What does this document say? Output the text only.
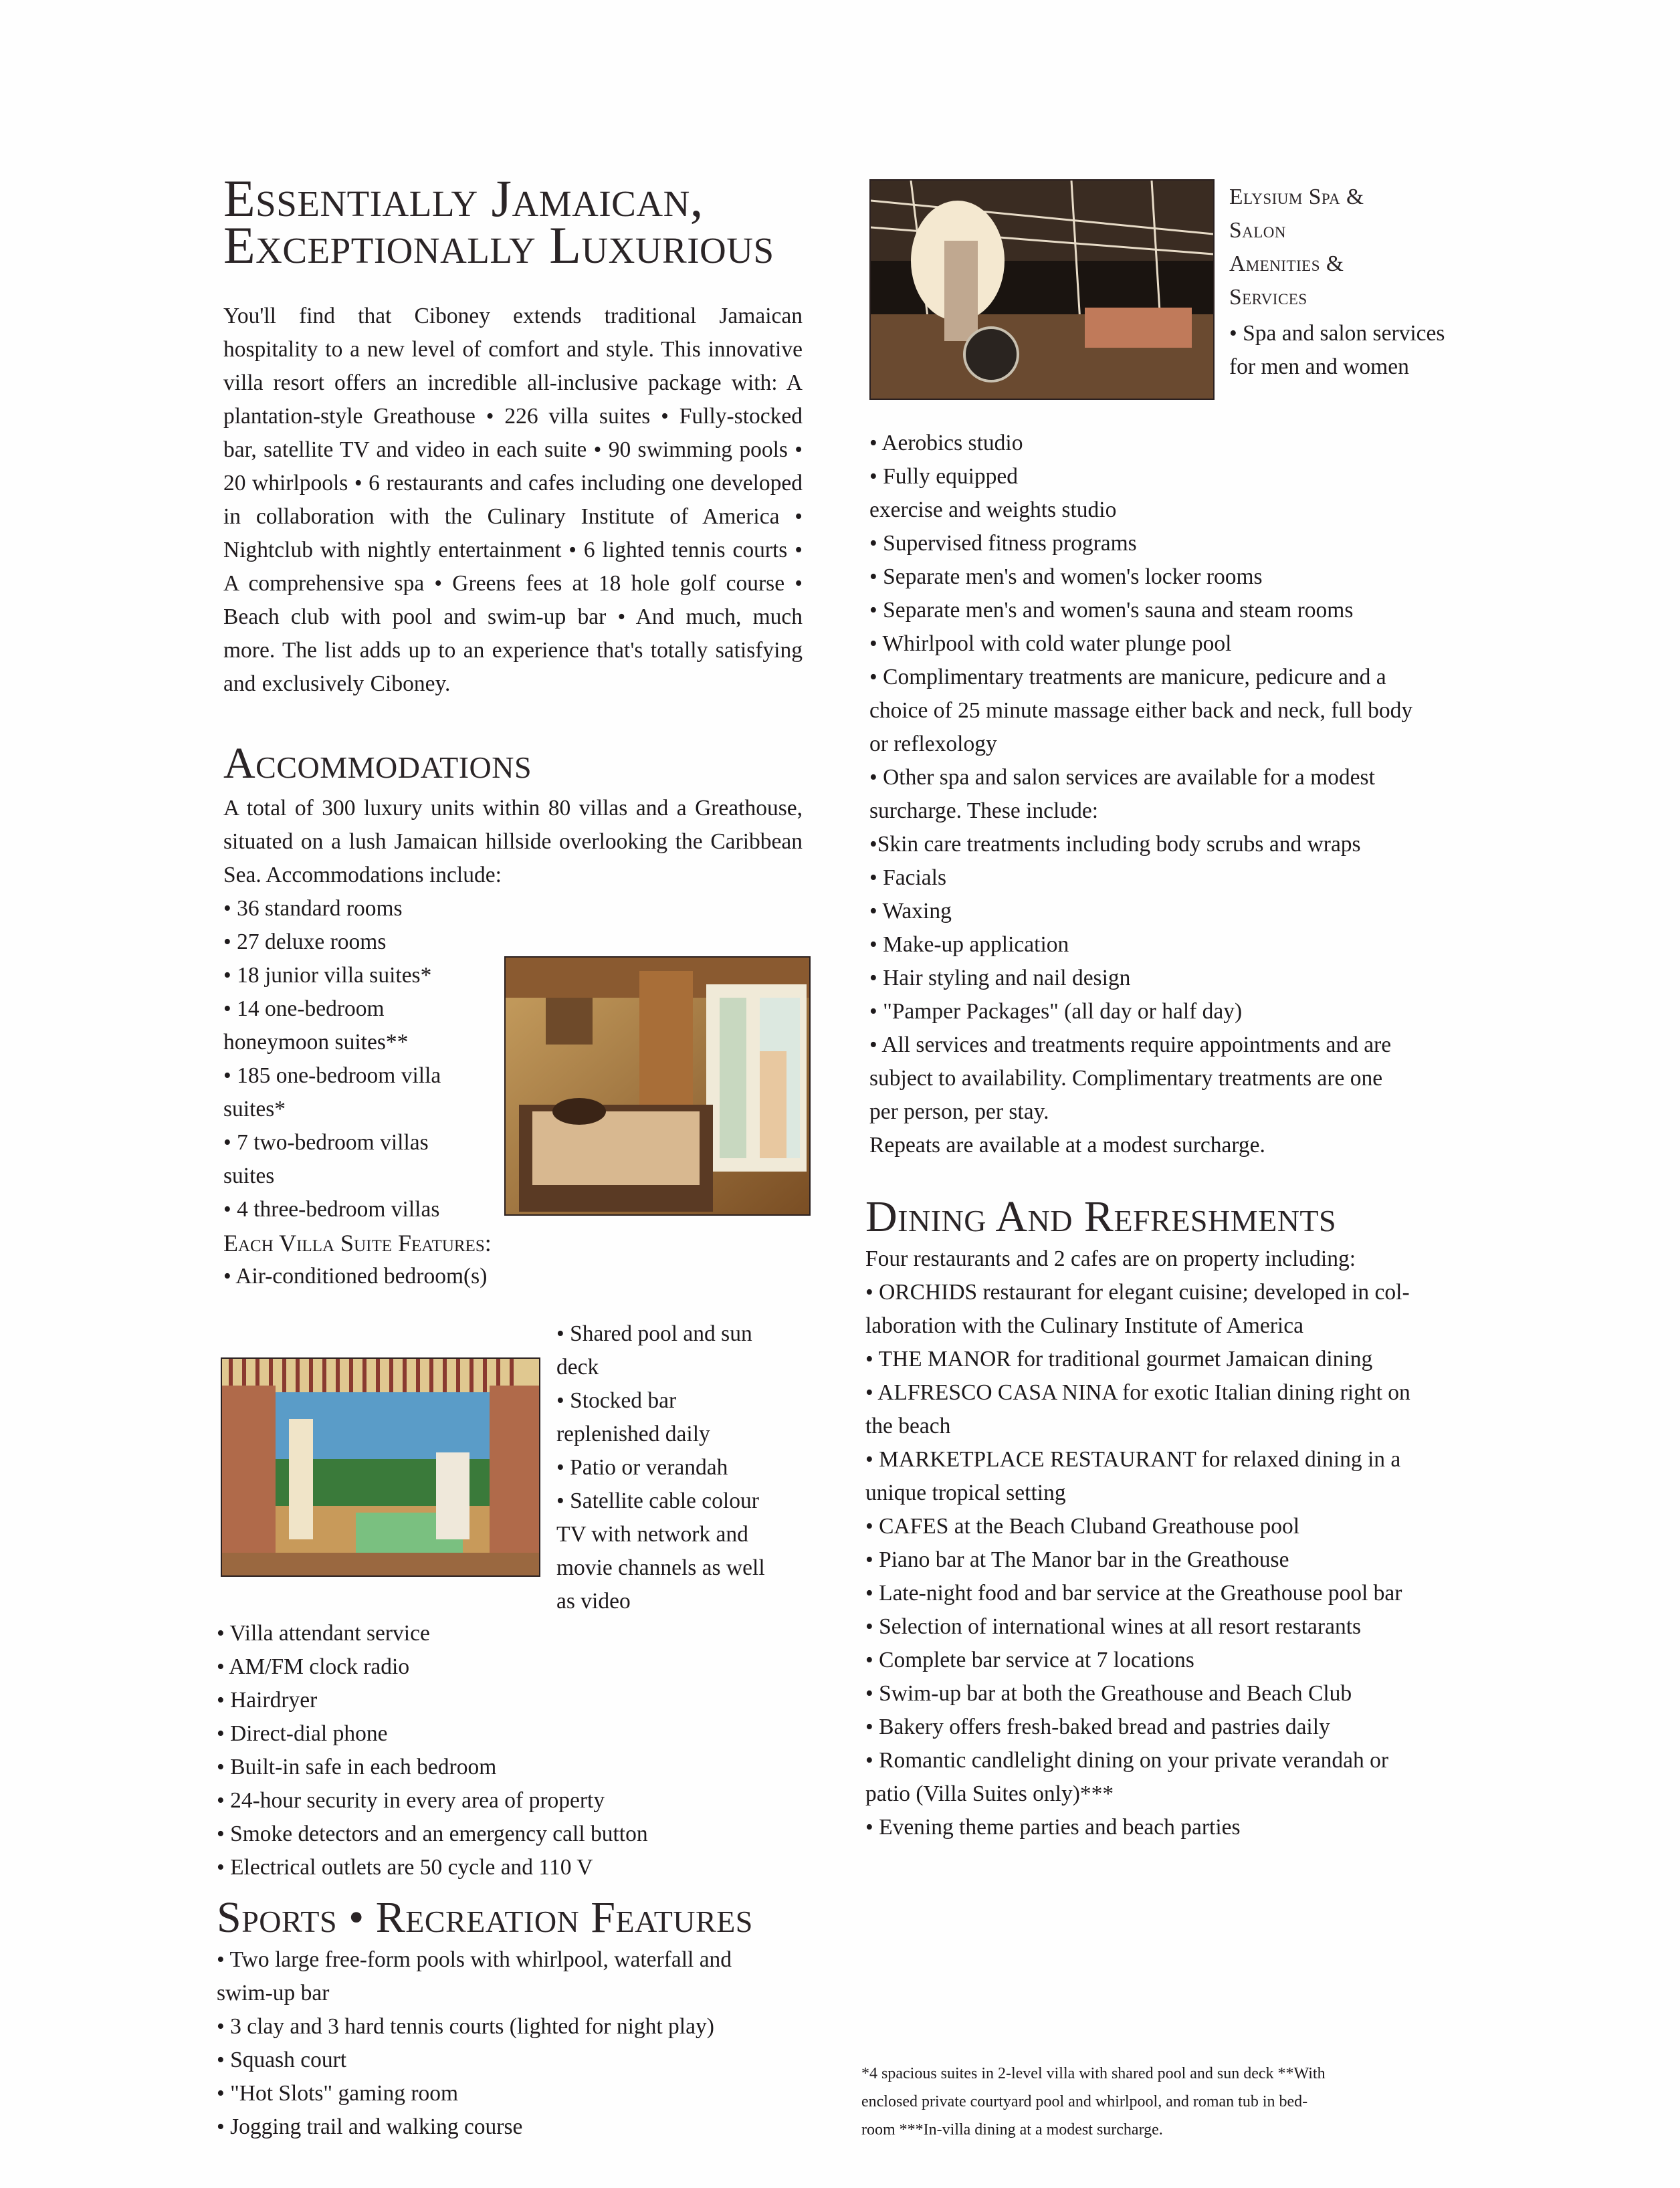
Essentially Jamaican,
Exceptionally Luxurious

You'll find that Ciboney extends traditional Jamaican hospitality to a new level of comfort and style. This innovative villa resort offers an incredible all-inclusive package with: A plantation-style Greathouse • 226 villa suites • Fully-stocked bar, satellite TV and video in each suite • 90 swimming pools • 20 whirlpools • 6 restaurants and cafes including one developed in collaboration with the Culinary Institute of America • Nightclub with nightly entertainment • 6 lighted tennis courts • A comprehensive spa • Greens fees at 18 hole golf course • Beach club with pool and swim-up bar • And much, much more. The list adds up to an experience that's totally satisfying and exclusively Ciboney.

Accommodations

A total of 300 luxury units within 80 villas and a Greathouse, situated on a lush Jamaican hillside overlooking the Caribbean Sea. Accommodations include:

• 36 standard rooms
• 27 deluxe rooms
• 18 junior villa suites*
• 14 one-bedroom
honeymoon suites**
• 185 one-bedroom villa
suites*
• 7 two-bedroom villas
suites
• 4 three-bedroom villas
Each Villa Suite Features:
• Air-conditioned bedroom(s)
• Shared pool and sun
deck
• Stocked bar
replenished daily
• Patio or verandah
• Satellite cable colour
TV with network and
movie channels as well
as video
• Villa attendant service
• AM/FM clock radio
• Hairdryer
• Direct-dial phone
• Built-in safe in each bedroom
• 24-hour security in every area of property
• Smoke detectors and an emergency call button
• Electrical outlets are 50 cycle and 110 V
Sports • Recreation Features
• Two large free-form pools with whirlpool, waterfall and
swim-up bar
• 3 clay and 3 hard tennis courts (lighted for night play)
• Squash court
• "Hot Slots" gaming room
• Jogging trail and walking course
Elysium Spa &
Salon
Amenities &
Services
• Spa and salon services
for men and women
• Aerobics studio
• Fully equipped
exercise and weights studio
• Supervised fitness programs
• Separate men's and women's locker rooms
• Separate men's and women's sauna and steam rooms
• Whirlpool with cold water plunge pool
• Complimentary treatments are manicure, pedicure and a
choice of 25 minute massage either back and neck, full body
or reflexology
• Other spa and salon services are available for a modest
surcharge. These include:
•Skin care treatments including body scrubs and wraps
• Facials
• Waxing
• Make-up application
• Hair styling and nail design
• "Pamper Packages" (all day or half day)
• All services and treatments require appointments and are
subject to availability. Complimentary treatments are one
per person, per stay.
Repeats are available at a modest surcharge.
Dining And Refreshments
Four restaurants and 2 cafes are on property including:
• ORCHIDS restaurant for elegant cuisine; developed in col-
laboration with the Culinary Institute of America
• THE MANOR for traditional gourmet Jamaican dining
• ALFRESCO CASA NINA for exotic Italian dining right on
the beach
• MARKETPLACE RESTAURANT for relaxed dining in a
unique tropical setting
• CAFES at the Beach Cluband Greathouse pool
• Piano bar at The Manor bar in the Greathouse
• Late-night food and bar service at the Greathouse pool bar
• Selection of international wines at all resort restarants
• Complete bar service at 7 locations
• Swim-up bar at both the Greathouse and Beach Club
• Bakery offers fresh-baked bread and pastries daily
• Romantic candlelight dining on your private verandah or
patio (Villa Suites only)***
• Evening theme parties and beach parties
*4 spacious suites in 2-level villa with shared pool and sun deck **With
enclosed private courtyard pool and whirlpool, and roman tub in bed-
room ***In-villa dining at a modest surcharge.
